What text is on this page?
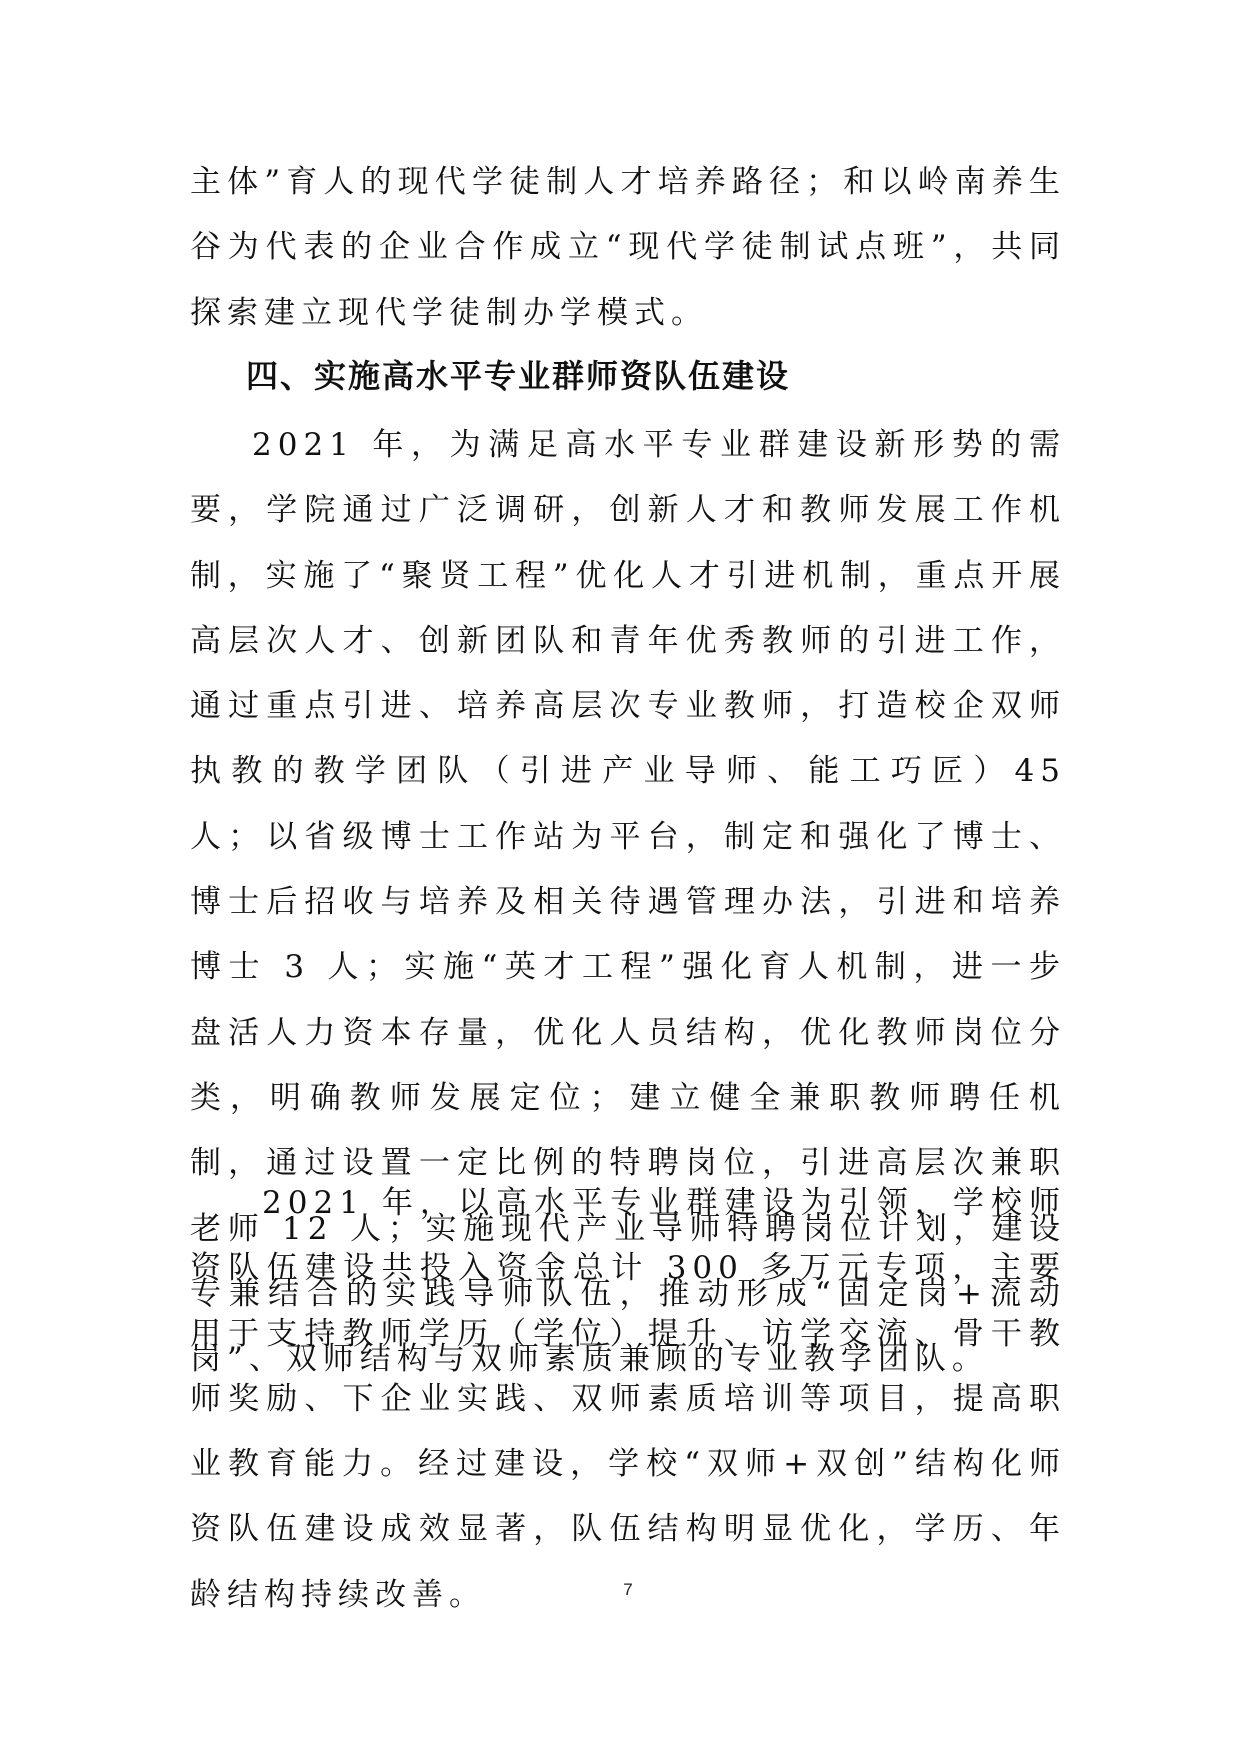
主体”育人的现代学徒制人才培养路径；和以岭南养生谷为代表的企业合作成立“现代学徒制试点班”，共同探索建立现代学徒制办学模式。

四、实施高水平专业群师资队伍建设

2021 年，为满足高水平专业群建设新形势的需要，学院通过广泛调研，创新人才和教师发展工作机制，实施了“聚贤工程”优化人才引进机制，重点开展高层次人才、创新团队和青年优秀教师的引进工作，通过重点引进、培养高层次专业教师，打造校企双师执教的教学团队（引进产业导师、能工巧匠）45 人；以省级博士工作站为平台，制定和强化了博士、博士后招收与培养及相关待遇管理办法，引进和培养博士 3 人；实施“英才工程”强化育人机制，进一步盘活人力资本存量，优化人员结构，优化教师岗位分类，明确教师发展定位；建立健全兼职教师聘任机制，通过设置一定比例的特聘岗位，引进高层次兼职老师 12 人；实施现代产业导师特聘岗位计划，建设专兼结合的实践导师队伍，推动形成“固定岗+流动岗”、双师结构与双师素质兼顾的专业教学团队。

2021 年，以高水平专业群建设为引领，学校师资队伍建设共投入资金总计 300 多万元专项，主要用于支持教师学历（学位）提升、访学交流、骨干教师奖励、下企业实践、双师素质培训等项目，提高职业教育能力。经过建设，学校“双师+双创”结构化师资队伍建设成效显著，队伍结构明显优化，学历、年龄结构持续改善。	7
